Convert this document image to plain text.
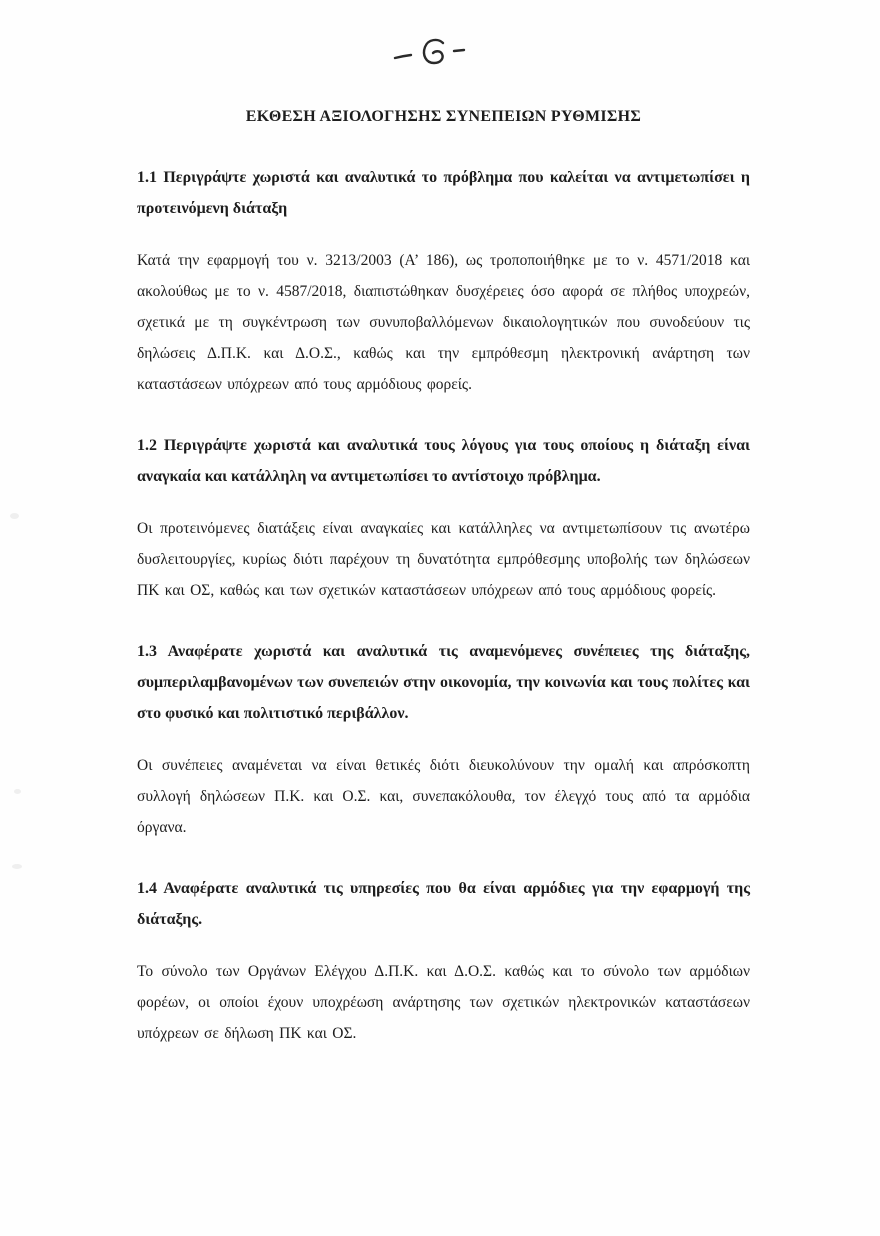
ΕΚΘΕΣΗ ΑΞΙΟΛΟΓΗΣΗΣ ΣΥΝΕΠΕΙΩΝ ΡΥΘΜΙΣΗΣ
1.1 Περιγράψτε χωριστά και αναλυτικά το πρόβλημα που καλείται να αντιμετωπίσει η προτεινόμενη διάταξη

Κατά την εφαρμογή του ν. 3213/2003 (Α’ 186), ως τροποποιήθηκε με το ν. 4571/2018 και ακολούθως με το ν. 4587/2018, διαπιστώθηκαν δυσχέρειες όσο αφορά σε πλήθος υποχρεών, σχετικά με τη συγκέντρωση των συνυποβαλλόμενων δικαιολογητικών που συνοδεύουν τις δηλώσεις Δ.Π.Κ. και Δ.Ο.Σ., καθώς και την εμπρόθεσμη ηλεκτρονική ανάρτηση των καταστάσεων υπόχρεων από τους αρμόδιους φορείς.

1.2 Περιγράψτε χωριστά και αναλυτικά τους λόγους για τους οποίους η διάταξη είναι αναγκαία και κατάλληλη να αντιμετωπίσει το αντίστοιχο πρόβλημα.

Οι προτεινόμενες διατάξεις είναι αναγκαίες και κατάλληλες να αντιμετωπίσουν τις ανωτέρω δυσλειτουργίες, κυρίως διότι παρέχουν τη δυνατότητα εμπρόθεσμης υποβολής των δηλώσεων ΠΚ και ΟΣ, καθώς και των σχετικών καταστάσεων υπόχρεων από τους αρμόδιους φορείς.

1.3 Αναφέρατε χωριστά και αναλυτικά τις αναμενόμενες συνέπειες της διάταξης, συμπεριλαμβανομένων των συνεπειών στην οικονομία, την κοινωνία και τους πολίτες και στο φυσικό και πολιτιστικό περιβάλλον.

Οι συνέπειες αναμένεται να είναι θετικές διότι διευκολύνουν την ομαλή και απρόσκοπτη συλλογή δηλώσεων Π.Κ. και Ο.Σ. και, συνεπακόλουθα, τον έλεγχό τους από τα αρμόδια όργανα.

1.4 Αναφέρατε αναλυτικά τις υπηρεσίες που θα είναι αρμόδιες για την εφαρμογή της διάταξης.

Το σύνολο των Οργάνων Ελέγχου Δ.Π.Κ. και Δ.Ο.Σ. καθώς και το σύνολο των αρμόδιων φορέων, οι οποίοι έχουν υποχρέωση ανάρτησης των σχετικών ηλεκτρονικών καταστάσεων υπόχρεων σε δήλωση ΠΚ και ΟΣ.
